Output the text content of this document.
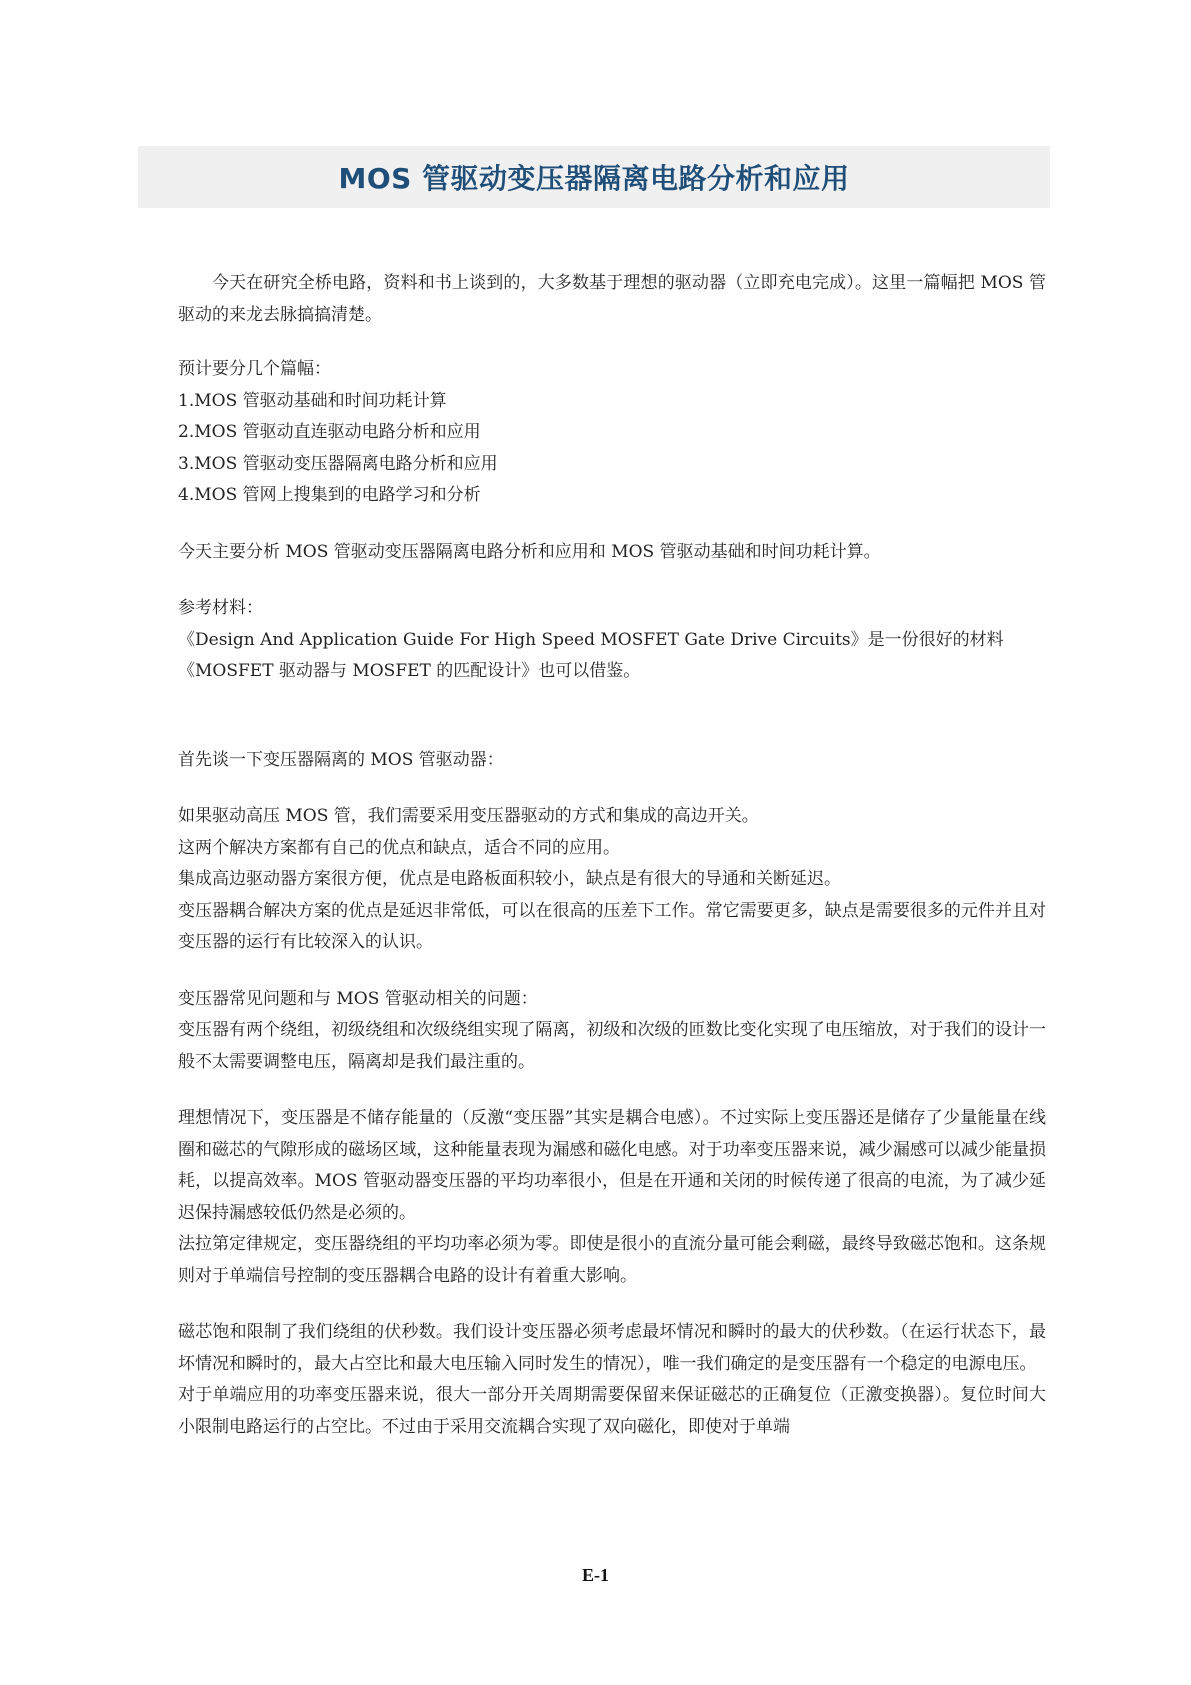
MOS 管驱动变压器隔离电路分析和应用

今天在研究全桥电路，资料和书上谈到的，大多数基于理想的驱动器（立即充电完成）。这里一篇幅把 MOS 管驱动的来龙去脉搞搞清楚。

预计要分几个篇幅：

1.MOS 管驱动基础和时间功耗计算

2.MOS 管驱动直连驱动电路分析和应用

3.MOS 管驱动变压器隔离电路分析和应用

4.MOS 管网上搜集到的电路学习和分析

今天主要分析 MOS 管驱动变压器隔离电路分析和应用和 MOS 管驱动基础和时间功耗计算。

参考材料：

《Design And Application Guide For High Speed MOSFET Gate Drive Circuits》是一份很好的材料

《MOSFET 驱动器与 MOSFET 的匹配设计》也可以借鉴。

首先谈一下变压器隔离的 MOS 管驱动器：

如果驱动高压 MOS 管，我们需要采用变压器驱动的方式和集成的高边开关。

这两个解决方案都有自己的优点和缺点，适合不同的应用。

集成高边驱动器方案很方便，优点是电路板面积较小，缺点是有很大的导通和关断延迟。

变压器耦合解决方案的优点是延迟非常低，可以在很高的压差下工作。常它需要更多，缺点是需要很多的元件并且对变压器的运行有比较深入的认识。

变压器常见问题和与 MOS 管驱动相关的问题：

变压器有两个绕组，初级绕组和次级绕组实现了隔离，初级和次级的匝数比变化实现了电压缩放，对于我们的设计一般不太需要调整电压，隔离却是我们最注重的。

理想情况下，变压器是不储存能量的（反激“变压器”其实是耦合电感）。不过实际上变压器还是储存了少量能量在线圈和磁芯的气隙形成的磁场区域，这种能量表现为漏感和磁化电感。对于功率变压器来说，减少漏感可以减少能量损耗，以提高效率。MOS 管驱动器变压器的平均功率很小，但是在开通和关闭的时候传递了很高的电流，为了减少延迟保持漏感较低仍然是必须的。

法拉第定律规定，变压器绕组的平均功率必须为零。即使是很小的直流分量可能会剩磁，最终导致磁芯饱和。这条规则对于单端信号控制的变压器耦合电路的设计有着重大影响。

磁芯饱和限制了我们绕组的伏秒数。我们设计变压器必须考虑最坏情况和瞬时的最大的伏秒数。（在运行状态下，最坏情况和瞬时的，最大占空比和最大电压输入同时发生的情况），唯一我们确定的是变压器有一个稳定的电源电压。

对于单端应用的功率变压器来说，很大一部分开关周期需要保留来保证磁芯的正确复位（正激变换器）。复位时间大小限制电路运行的占空比。不过由于采用交流耦合实现了双向磁化，即使对于单端

E-1
